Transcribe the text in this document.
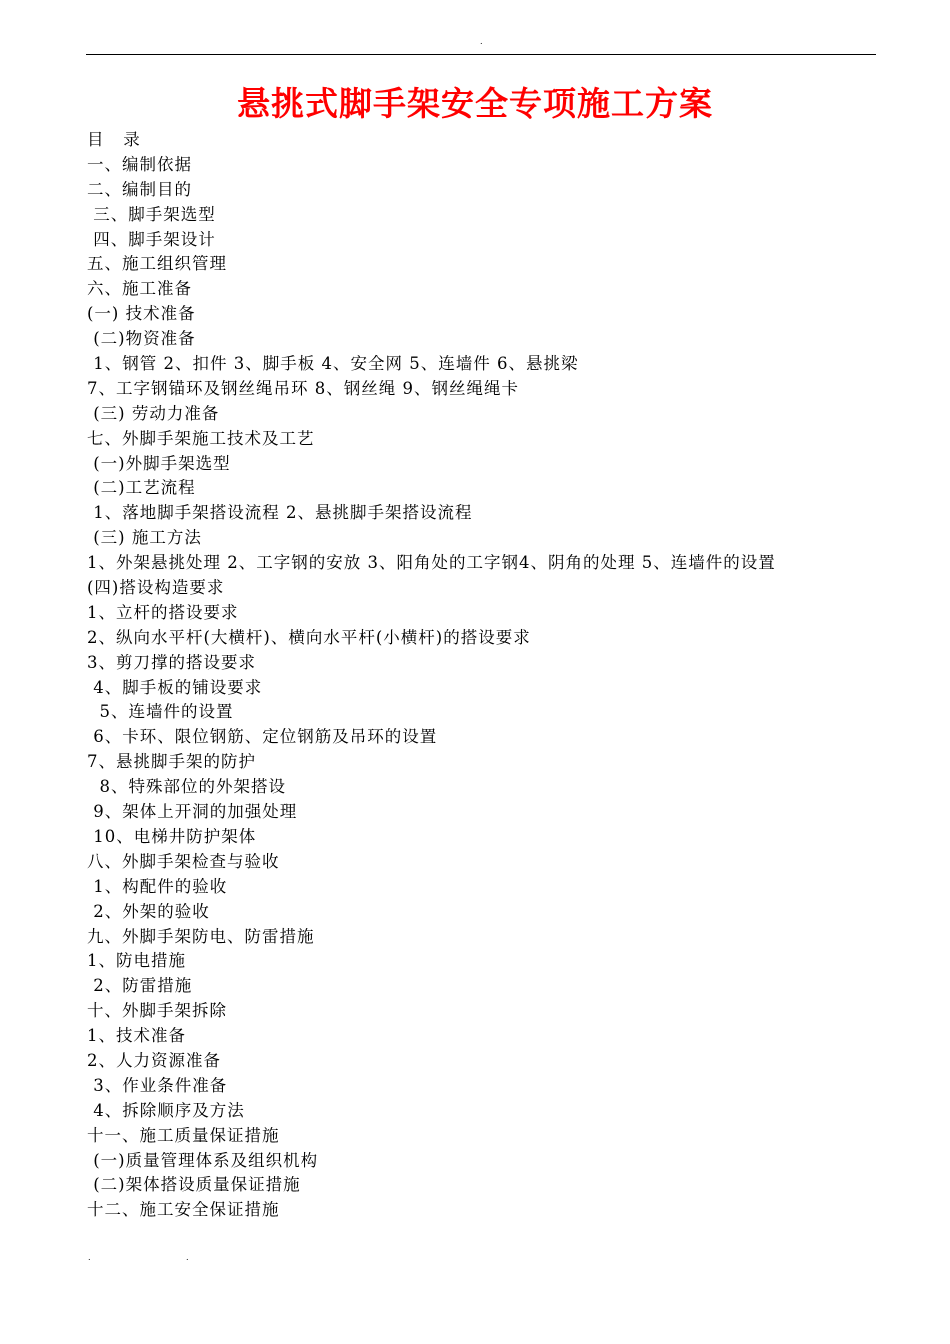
.
悬挑式脚手架安全专项施工方案
目   录
一、编制依据
二、编制目的
三、脚手架选型
四、脚手架设计
五、施工组织管理
六、施工准备
(一) 技术准备
(二)物资准备
1、钢管 2、扣件 3、脚手板 4、安全网 5、连墙件 6、悬挑梁
7、工字钢锚环及钢丝绳吊环 8、钢丝绳 9、钢丝绳绳卡
(三) 劳动力准备
七、外脚手架施工技术及工艺
(一)外脚手架选型
(二)工艺流程
1、落地脚手架搭设流程 2、悬挑脚手架搭设流程
(三) 施工方法
1、外架悬挑处理 2、工字钢的安放 3、阳角处的工字钢4、阴角的处理 5、连墙件的设置
(四)搭设构造要求
1、立杆的搭设要求
2、纵向水平杆(大横杆)、横向水平杆(小横杆)的搭设要求
3、剪刀撑的搭设要求
4、脚手板的铺设要求
5、连墙件的设置
6、卡环、限位钢筋、定位钢筋及吊环的设置
7、悬挑脚手架的防护
8、特殊部位的外架搭设
9、架体上开洞的加强处理
10、电梯井防护架体
八、外脚手架检查与验收
1、构配件的验收
2、外架的验收
九、外脚手架防电、防雷措施
1、防电措施
2、防雷措施
十、外脚手架拆除
1、技术准备
2、人力资源准备
3、作业条件准备
4、拆除顺序及方法
十一、施工质量保证措施
(一)质量管理体系及组织机构
(二)架体搭设质量保证措施
十二、施工安全保证措施
.	.
